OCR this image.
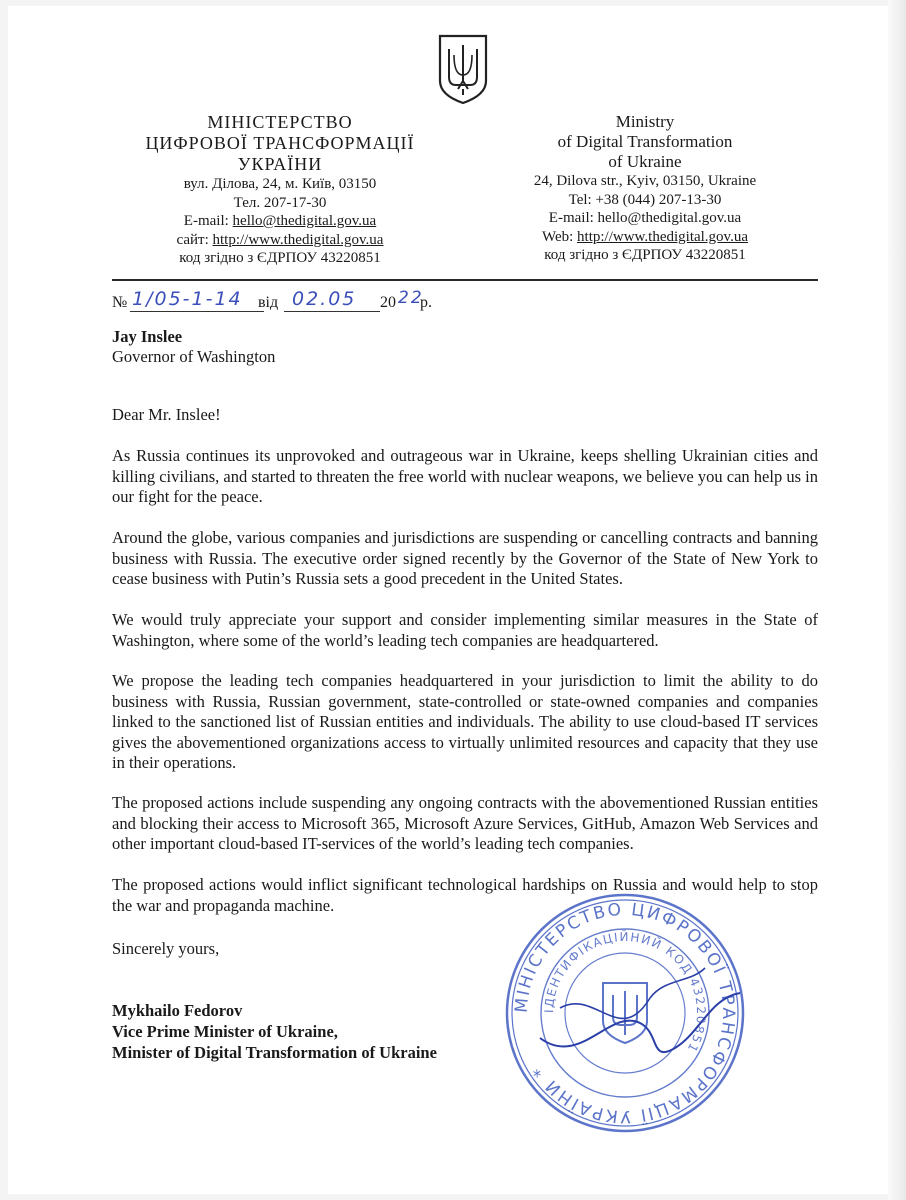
МІНІСТЕРСТВО
ЦИФРОВОЇ ТРАНСФОРМАЦІЇ
УКРАЇНИ
вул. Ділова, 24, м. Київ, 03150
Тел. 207-17-30
E-mail: hello@thedigital.gov.ua
сайт: http://www.thedigital.gov.ua
код згідно з ЄДРПОУ 43220851
Ministry
of Digital Transformation
of Ukraine
24, Dilova str., Kyiv, 03150, Ukraine
Tel: +38 (044) 207-13-30
E-mail: hello@thedigital.gov.ua
Web: http://www.thedigital.gov.ua
код згідно з ЄДРПОУ 43220851
№ 1/05-1-14 від 02.05 20 22
р.
Jay Inslee
Governor of Washington
Dear Mr. Inslee!
As Russia continues its unprovoked and outrageous war in Ukraine, keeps shelling Ukrainian cities and killing civilians, and started to threaten the free world with nuclear weapons, we believe you can help us in our fight for the peace.
Around the globe, various companies and jurisdictions are suspending or cancelling contracts and banning business with Russia. The executive order signed recently by the Governor of the State of New York to cease business with Putin’s Russia sets a good precedent in the United States.
We would truly appreciate your support and consider implementing similar measures in the State of Washington, where some of the world’s leading tech companies are headquartered.
We propose the leading tech companies headquartered in your jurisdiction to limit the ability to do business with Russia, Russian government, state-controlled or state-owned companies and companies linked to the sanctioned list of Russian entities and individuals. The ability to use cloud-based IT services gives the abovementioned organizations access to virtually unlimited resources and capacity that they use in their operations.
The proposed actions include suspending any ongoing contracts with the abovementioned Russian entities and blocking their access to Microsoft 365, Microsoft Azure Services, GitHub, Amazon Web Services and other important cloud-based IT-services of the world’s leading tech companies.
The proposed actions would inflict significant technological hardships on Russia and would help to stop the war and propaganda machine.
Sincerely yours,
Mykhailo Fedorov
Vice Prime Minister of Ukraine,
Minister of Digital Transformation of Ukraine
МІНІСТЕРСТВО ЦИФРОВОЇ ТРАНСФОРМАЦІЇ УКРАЇНИ *
ІДЕНТИФІКАЦІЙНИЙ КОД 43220851
